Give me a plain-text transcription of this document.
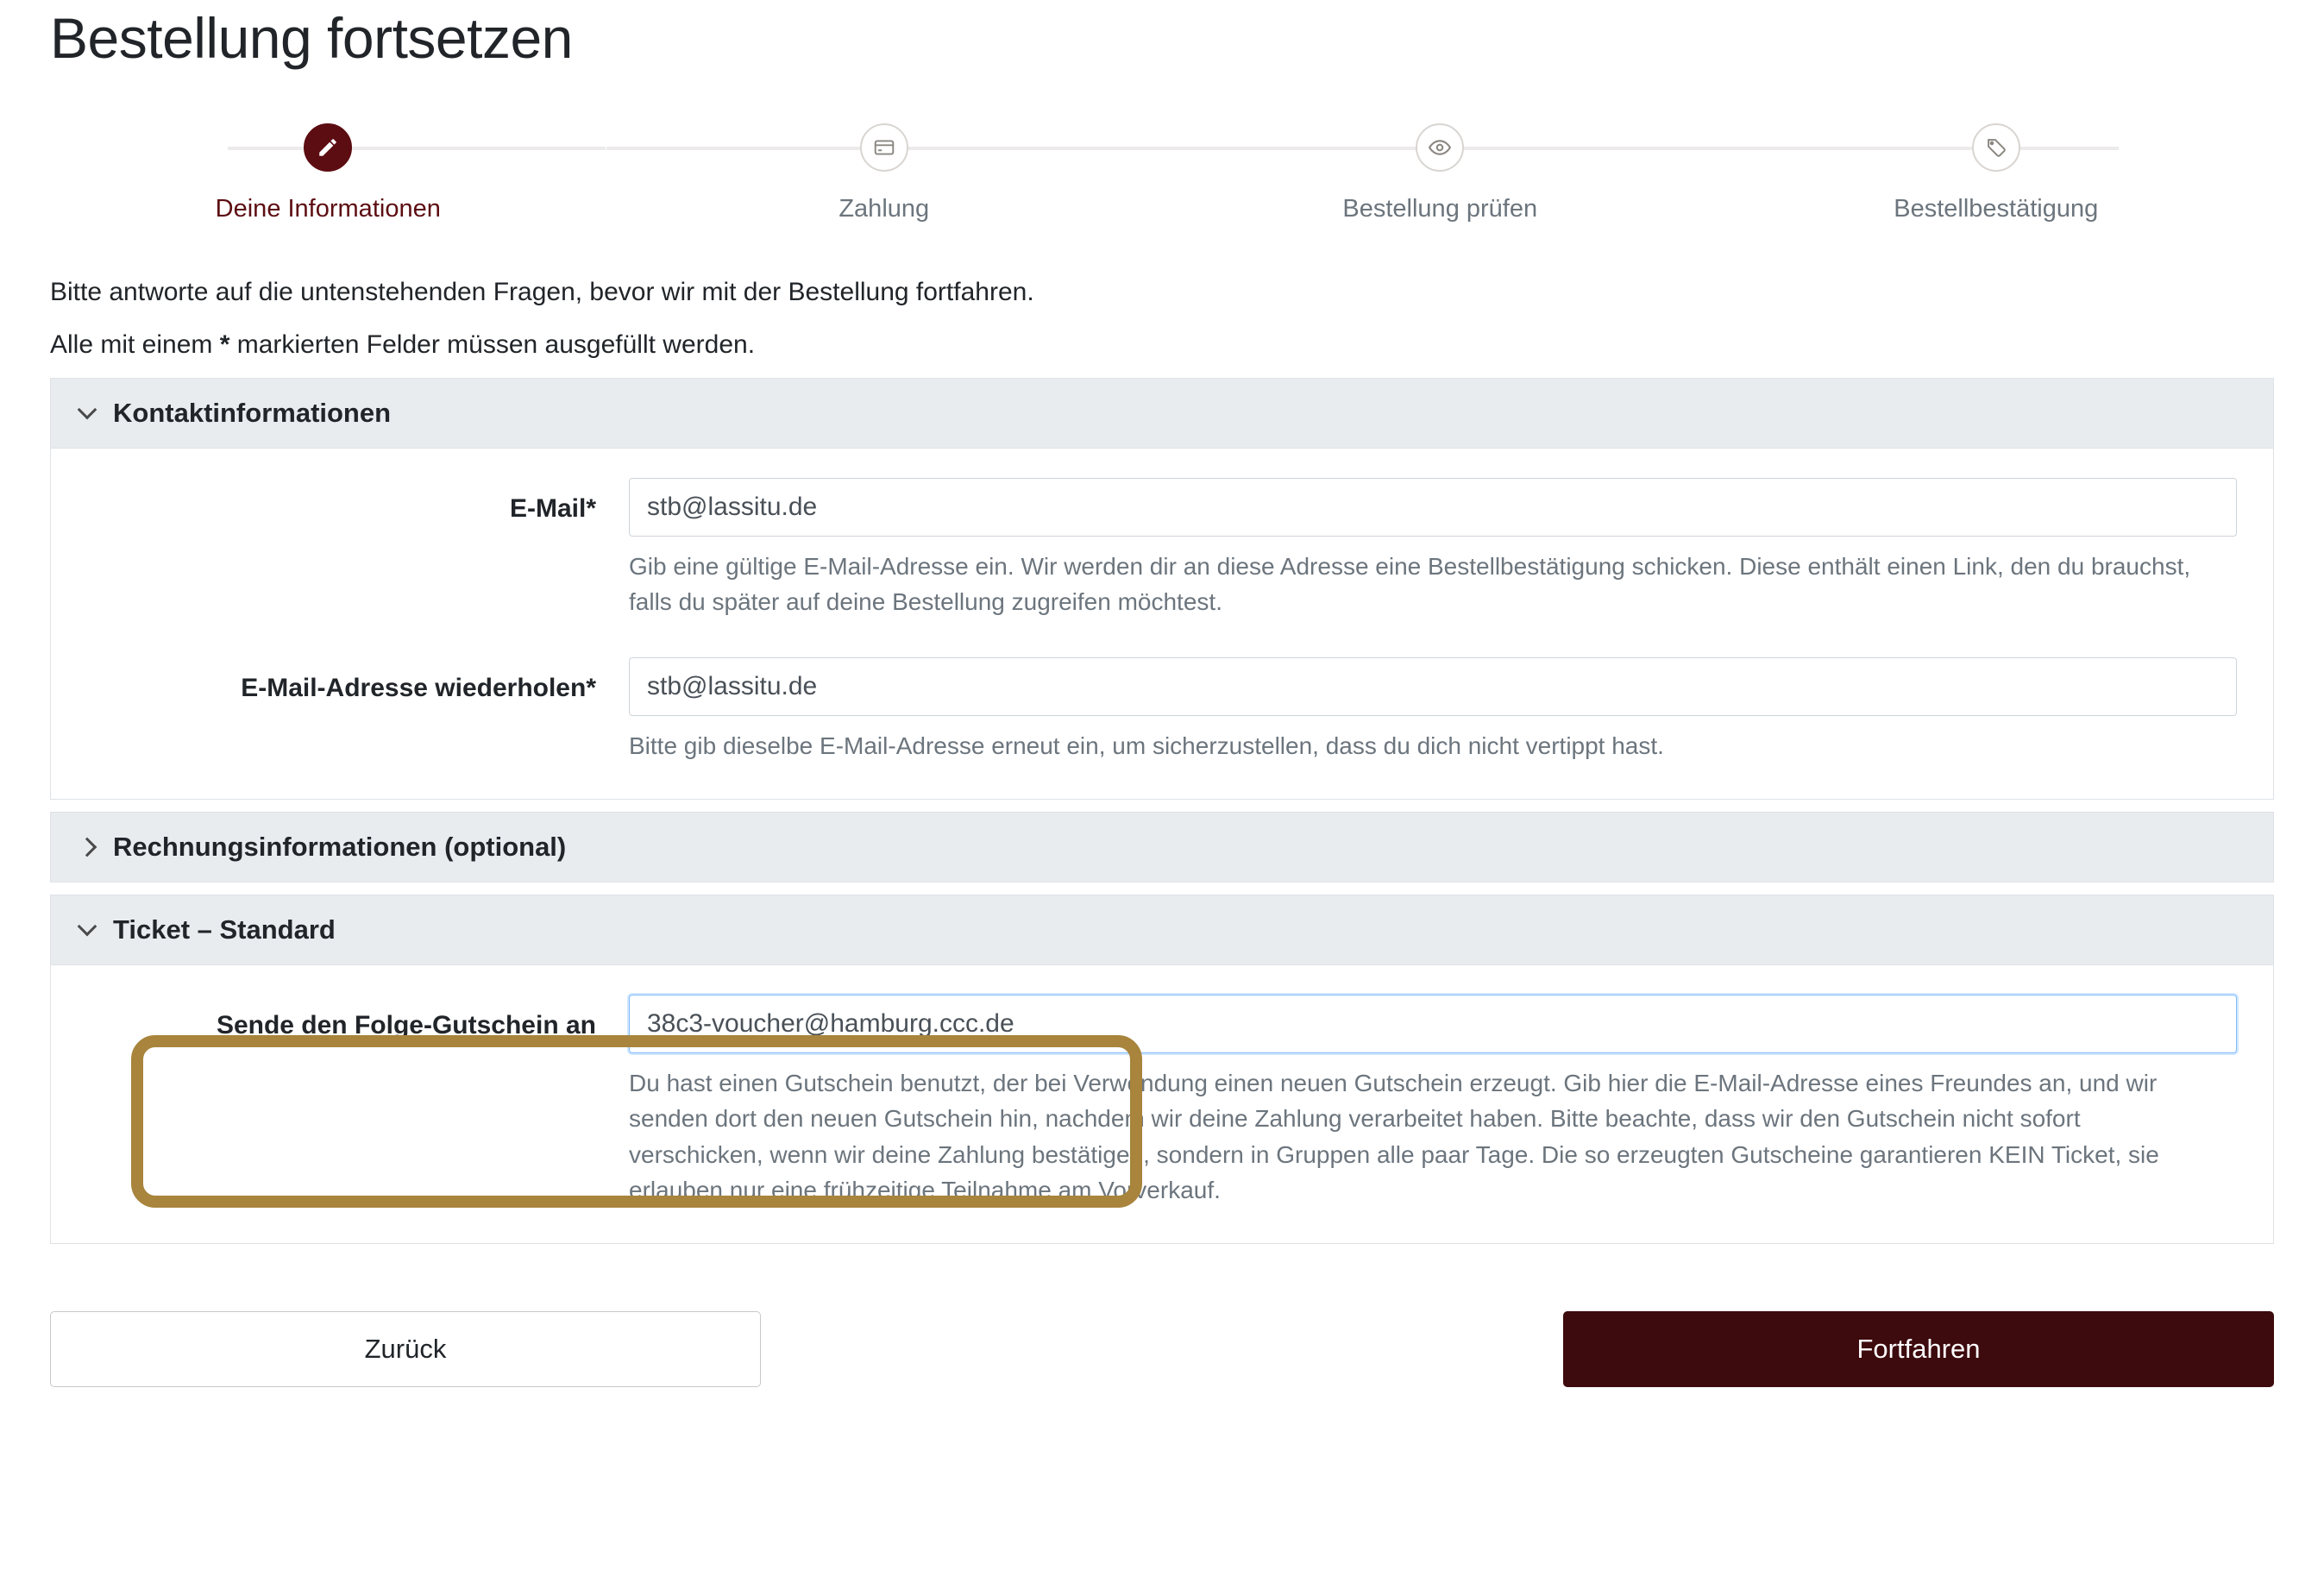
Bestellung fortsetzen
Deine Informationen	Zahlung	Bestellung prüfen	Bestellbestätigung

Bitte antworte auf die untenstehenden Fragen, bevor wir mit der Bestellung fortfahren.

Alle mit einem * markierten Felder müssen ausgefüllt werden.

Kontaktinformationen
E-Mail*
stb@lassitu.de
Gib eine gültige E-Mail-Adresse ein. Wir werden dir an diese Adresse eine Bestellbestätigung schicken. Diese enthält einen Link, den du brauchst, falls du später auf deine Bestellung zugreifen möchtest.
E-Mail-Adresse wiederholen*
stb@lassitu.de
Bitte gib dieselbe E-Mail-Adresse erneut ein, um sicherzustellen, dass du dich nicht vertippt hast.
Rechnungsinformationen (optional)
Ticket – Standard
Sende den Folge-Gutschein an
38c3-voucher@hamburg.ccc.de
Du hast einen Gutschein benutzt, der bei Verwendung einen neuen Gutschein erzeugt. Gib hier die E-Mail-Adresse eines Freundes an, und wir senden dort den neuen Gutschein hin, nachdem wir deine Zahlung verarbeitet haben. Bitte beachte, dass wir den Gutschein nicht sofort verschicken, wenn wir deine Zahlung bestätigen, sondern in Gruppen alle paar Tage. Die so erzeugten Gutscheine garantieren KEIN Ticket, sie erlauben nur eine frühzeitige Teilnahme am Vorverkauf.
Zurück	Fortfahren
